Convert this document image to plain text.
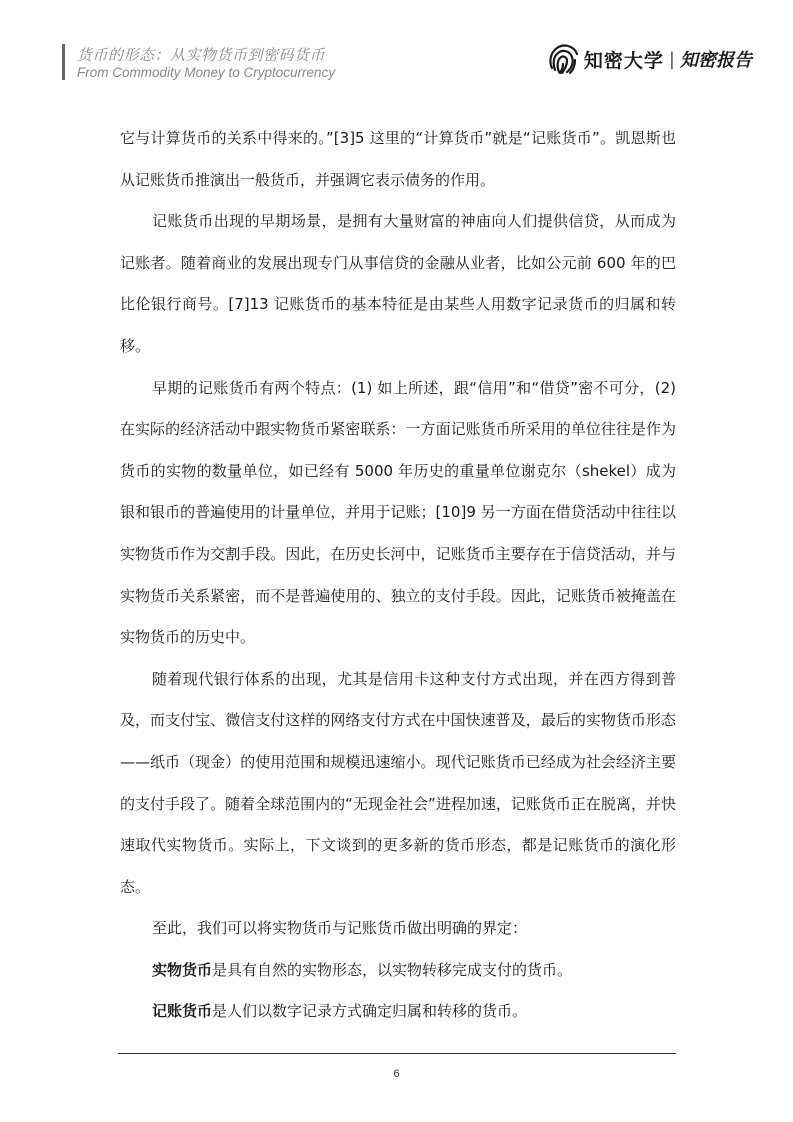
货币的形态：从实物货币到密码货币
From Commodity Money to Cryptocurrency
知密大学 | 知密报告

它与计算货币的关系中得来的。”[3]5 这里的“计算货币”就是“记账货币”。凯恩斯也从记账货币推演出一般货币，并强调它表示债务的作用。

记账货币出现的早期场景，是拥有大量财富的神庙向人们提供信贷，从而成为记账者。随着商业的发展出现专门从事信贷的金融从业者，比如公元前 600 年的巴比伦银行商号。[7]13 记账货币的基本特征是由某些人用数字记录货币的归属和转移。

早期的记账货币有两个特点：(1) 如上所述，跟“信用”和“借贷”密不可分，(2) 在实际的经济活动中跟实物货币紧密联系：一方面记账货币所采用的单位往往是作为货币的实物的数量单位，如已经有 5000 年历史的重量单位谢克尔（shekel）成为银和银币的普遍使用的计量单位，并用于记账；[10]9 另一方面在借贷活动中往往以实物货币作为交割手段。因此，在历史长河中，记账货币主要存在于信贷活动，并与实物货币关系紧密，而不是普遍使用的、独立的支付手段。因此，记账货币被掩盖在实物货币的历史中。

随着现代银行体系的出现，尤其是信用卡这种支付方式出现，并在西方得到普及，而支付宝、微信支付这样的网络支付方式在中国快速普及，最后的实物货币形态——纸币（现金）的使用范围和规模迅速缩小。现代记账货币已经成为社会经济主要的支付手段了。随着全球范围内的“无现金社会”进程加速，记账货币正在脱离，并快速取代实物货币。实际上，下文谈到的更多新的货币形态，都是记账货币的演化形态。

至此，我们可以将实物货币与记账货币做出明确的界定：

实物货币是具有自然的实物形态，以实物转移完成支付的货币。

记账货币是人们以数字记录方式确定归属和转移的货币。

6
